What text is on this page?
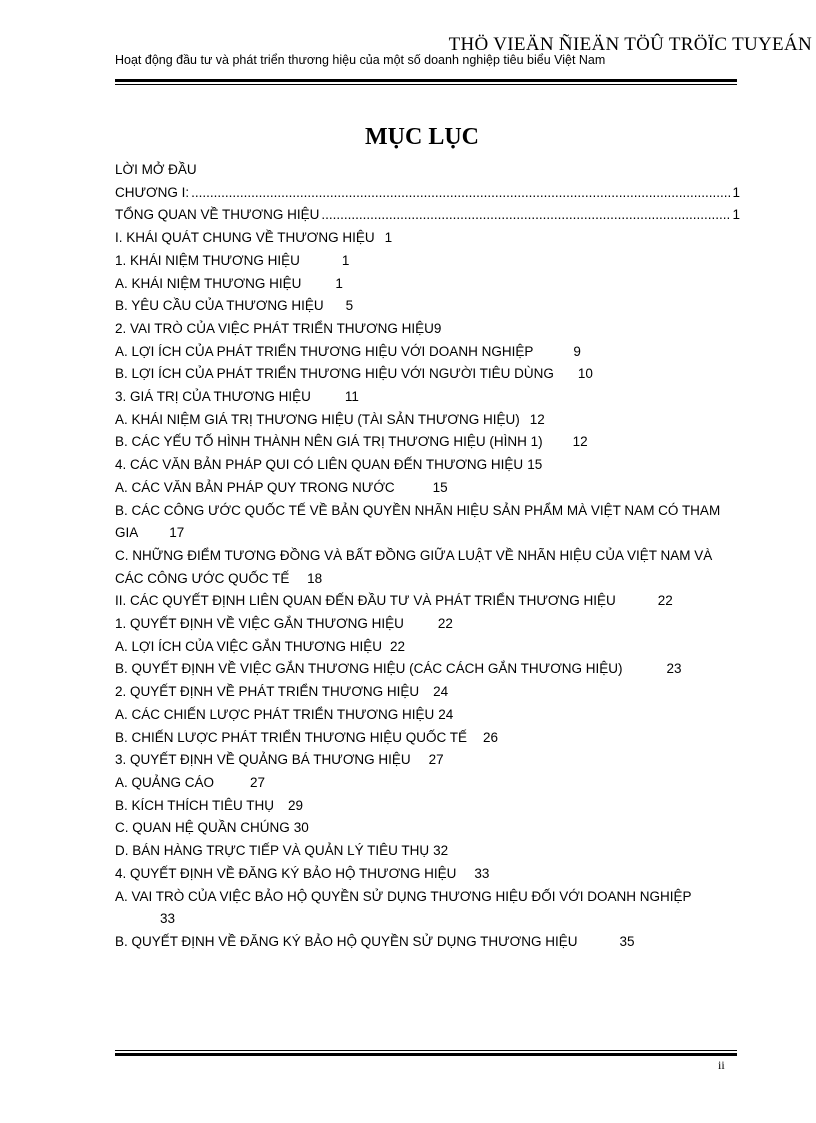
THÖ VIEÄN ÑIEÄN TÖÛ TRÖÏC TUYEÁN
Hoạt động đầu tư và phát triển thương hiệu của một số doanh nghiệp tiêu biểu Việt Nam
MỤC LỤC
LỜI MỞ ĐẦU
CHƯƠNG I: .....	1
TỔNG QUAN VỀ THƯƠNG HIỆU .....	1
I. KHÁI QUÁT CHUNG VỀ THƯƠNG HIỆU 1
1. KHÁI NIỆM THƯƠNG HIỆU	1
A. KHÁI NIỆM THƯƠNG HIỆU	1
B. YÊU CẦU CỦA THƯƠNG HIỆU	5
2. VAI TRÒ CỦA VIỆC PHÁT TRIỂN THƯƠNG HIỆU 9
A. LỢI ÍCH CỦA PHÁT TRIỂN THƯƠNG HIỆU VỚI DOANH NGHIỆP	9
B. LỢI ÍCH CỦA PHÁT TRIỂN THƯƠNG HIỆU VỚI NGƯỜI TIÊU DÙNG	10
3. GIÁ TRỊ CỦA THƯƠNG HIỆU	11
A. KHÁI NIỆM GIÁ TRỊ THƯƠNG HIỆU (TÀI SẢN THƯƠNG HIỆU) 12
B. CÁC YẾU TỐ HÌNH THÀNH NÊN GIÁ TRỊ THƯƠNG HIỆU (HÌNH 1)	12
4. CÁC VĂN BẢN PHÁP QUI CÓ LIÊN QUAN ĐẾN THƯƠNG HIỆU 15
A. CÁC VĂN BẢN PHÁP QUY TRONG NƯỚC	15
B. CÁC CÔNG ƯỚC QUỐC TẾ VỀ BẢN QUYỀN NHÃN HIỆU SẢN PHẨM MÀ VIỆT NAM CÓ THAM GIA 17
C. NHỮNG ĐIỂM TƯƠNG ĐỒNG VÀ BẤT ĐỒNG GIỮA LUẬT VỀ NHÃN HIỆU CỦA VIỆT NAM VÀ CÁC CÔNG ƯỚC QUỐC TẾ 18
II. CÁC QUYẾT ĐỊNH LIÊN QUAN ĐẾN ĐẦU TƯ VÀ PHÁT TRIỂN THƯƠNG HIỆU	22
1. QUYẾT ĐỊNH VỀ VIỆC GẮN THƯƠNG HIỆU	22
A. LỢI ÍCH CỦA VIỆC GẮN THƯƠNG HIỆU 22
B. QUYẾT ĐỊNH VỀ VIỆC GẮN THƯƠNG HIỆU (CÁC CÁCH GẮN THƯƠNG HIỆU)	23
2. QUYẾT ĐỊNH VỀ PHÁT TRIỂN THƯƠNG HIỆU	24
A. CÁC CHIẾN LƯỢC PHÁT TRIỂN THƯƠNG HIỆU 24
B. CHIẾN LƯỢC PHÁT TRIỂN THƯƠNG HIỆU QUỐC TẾ	26
3. QUYẾT ĐỊNH VỀ QUẢNG BÁ THƯƠNG HIỆU	27
A. QUẢNG CÁO	27
B. KÍCH THÍCH TIÊU THỤ	29
C. QUAN HỆ QUẦN CHÚNG 30
D. BÁN HÀNG TRỰC TIẾP VÀ QUẢN LÝ TIÊU THỤ 32
4. QUYẾT ĐỊNH VỀ ĐĂNG KÝ BẢO HỘ THƯƠNG HIỆU	33
A. VAI TRÒ CỦA VIỆC BẢO HỘ QUYỀN SỬ DỤNG THƯƠNG HIỆU ĐỐI VỚI DOANH NGHIỆP
33
B. QUYẾT ĐỊNH VỀ ĐĂNG KÝ BẢO HỘ QUYỀN SỬ DỤNG THƯƠNG HIỆU	35
ii
